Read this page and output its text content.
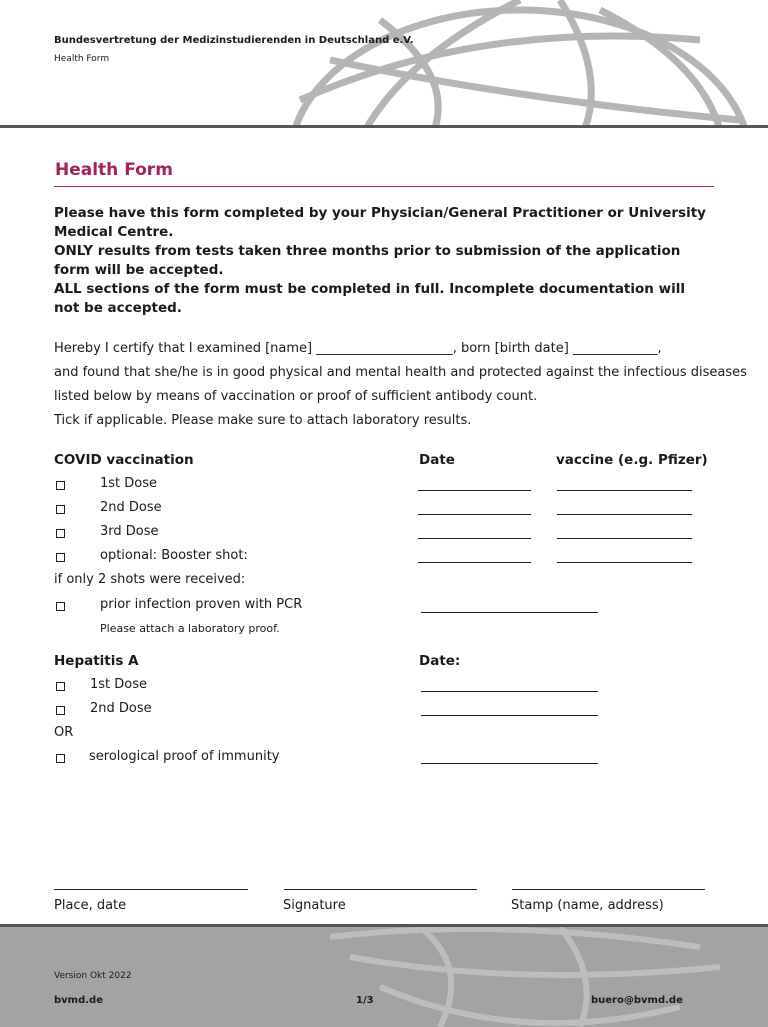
Bundesvertretung der Medizinstudierenden in Deutschland e.V.
Health Form
Health Form
Please have this form completed by your Physician/General Practitioner or University Medical Centre.
ONLY results from tests taken three months prior to submission of the application form will be accepted.
ALL sections of the form must be completed in full. Incomplete documentation will not be accepted.
Hereby I certify that I examined [name] _____________________, born [birth date] _____________,
and found that she/he is in good physical and mental health and protected against the infectious diseases
listed below by means of vaccination or proof of sufficient antibody count.
Tick if applicable. Please make sure to attach laboratory results.
COVID vaccination	Date	vaccine (e.g. Pfizer)
1st Dose
2nd Dose
3rd Dose
optional: Booster shot:
if only 2 shots were received:
prior infection proven with PCR
Please attach a laboratory proof.
Hepatitis A	Date:
1st Dose
2nd Dose
OR
serological proof of immunity
Place, date	Signature	Stamp (name, address)
Version Okt 2022
bvmd.de	1/3	buero@bvmd.de
